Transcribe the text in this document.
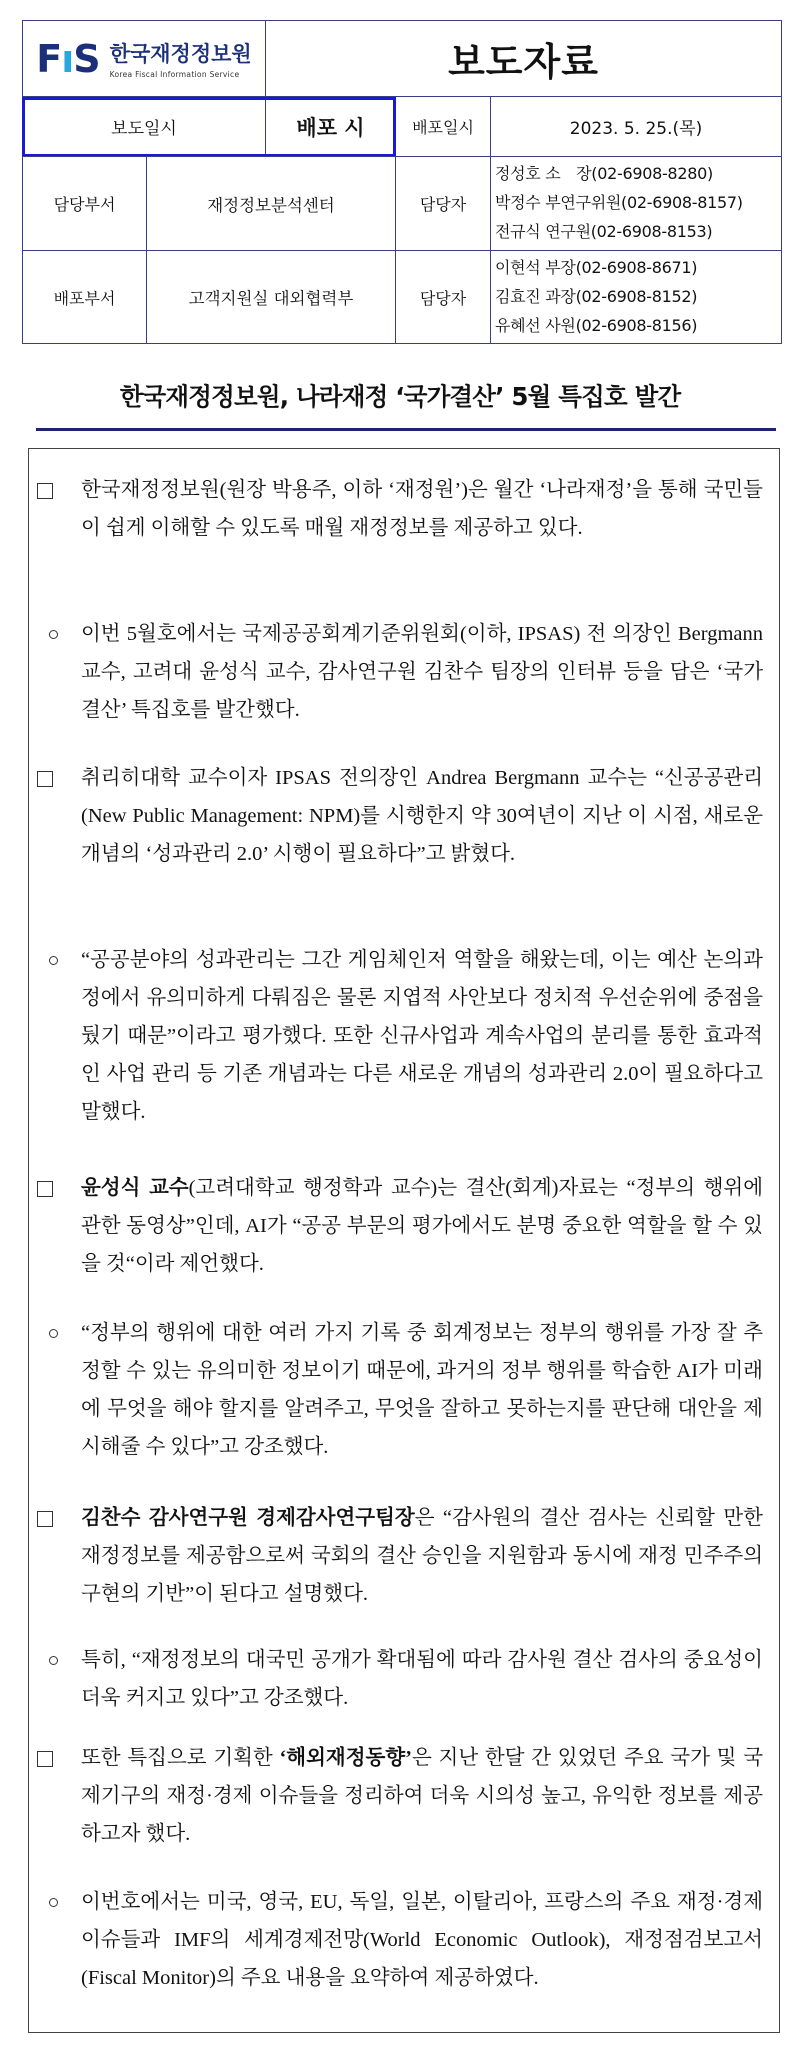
FıS 한국재정정보원
Korea Fiscal Information Service	보도자료
보도일시	배포 시	배포일시	2023. 5. 25.(목)
담당부서	재정정보분석센터	담당자
정성호 소　장(02-6908-8280)
박정수 부연구위원(02-6908-8157)
전규식 연구원(02-6908-8153)
배포부서	고객지원실 대외협력부	담당자
이현석 부장(02-6908-8671)
김효진 과장(02-6908-8152)
유혜선 사원(02-6908-8156)
한국재정정보원, 나라재정 ‘국가결산’ 5월 특집호 발간
한국재정정보원(원장 박용주, 이하 ‘재정원’)은 월간 ‘나라재정’을 통해 국민들이 쉽게 이해할 수 있도록 매월 재정정보를 제공하고 있다.
이번 5월호에서는 국제공공회계기준위원회(이하, IPSAS) 전 의장인 Bergmann 교수, 고려대 윤성식 교수, 감사연구원 김찬수 팀장의 인터뷰 등을 담은 ‘국가결산’ 특집호를 발간했다.
취리히대학 교수이자 IPSAS 전의장인 Andrea Bergmann 교수는 “신공공관리(New Public Management: NPM)를 시행한지 약 30여년이 지난 이 시점, 새로운 개념의 ‘성과관리 2.0’ 시행이 필요하다”고 밝혔다.
“공공분야의 성과관리는 그간 게임체인저 역할을 해왔는데, 이는 예산 논의과정에서 유의미하게 다뤄짐은 물론 지엽적 사안보다 정치적 우선순위에 중점을 뒀기 때문”이라고 평가했다. 또한 신규사업과 계속사업의 분리를 통한 효과적인 사업 관리 등 기존 개념과는 다른 새로운 개념의 성과관리 2.0이 필요하다고 말했다.
윤성식 교수(고려대학교 행정학과 교수)는 결산(회계)자료는 “정부의 행위에 관한 동영상”인데, AI가 “공공 부문의 평가에서도 분명 중요한 역할을 할 수 있을 것“이라 제언했다.
“정부의 행위에 대한 여러 가지 기록 중 회계정보는 정부의 행위를 가장 잘 추정할 수 있는 유의미한 정보이기 때문에, 과거의 정부 행위를 학습한 AI가 미래에 무엇을 해야 할지를 알려주고, 무엇을 잘하고 못하는지를 판단해 대안을 제시해줄 수 있다”고 강조했다.
김찬수 감사연구원 경제감사연구팀장은 “감사원의 결산 검사는 신뢰할 만한 재정정보를 제공함으로써 국회의 결산 승인을 지원함과 동시에 재정 민주주의 구현의 기반”이 된다고 설명했다.
특히, “재정정보의 대국민 공개가 확대됨에 따라 감사원 결산 검사의 중요성이 더욱 커지고 있다”고 강조했다.
또한 특집으로 기획한 ‘해외재정동향’은 지난 한달 간 있었던 주요 국가 및 국제기구의 재정·경제 이슈들을 정리하여 더욱 시의성 높고, 유익한 정보를 제공하고자 했다.
이번호에서는 미국, 영국, EU, 독일, 일본, 이탈리아, 프랑스의 주요 재정·경제 이슈들과 IMF의 세계경제전망(World Economic Outlook), 재정점검보고서(Fiscal Monitor)의 주요 내용을 요약하여 제공하였다.
